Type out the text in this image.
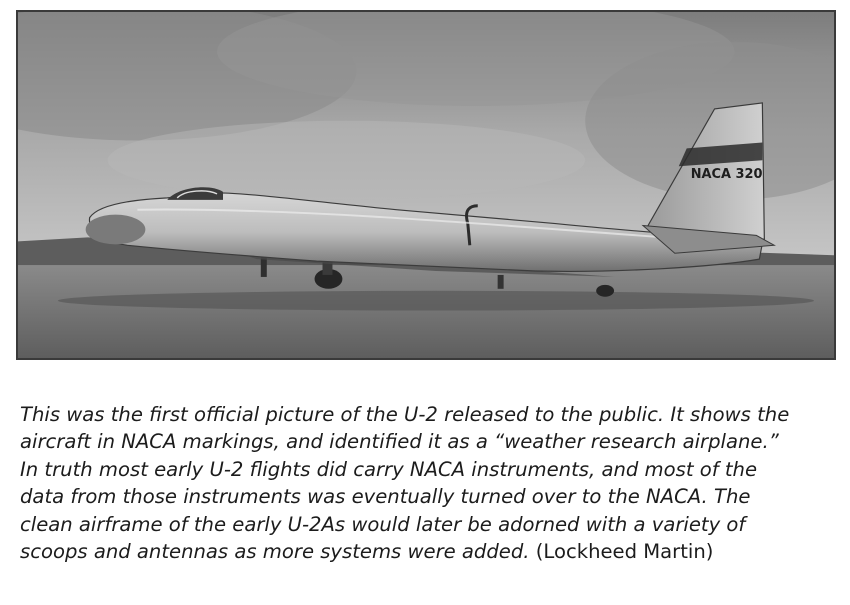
NACA 320

This was the first official picture of the U-2 released to the public. It shows the
aircraft in NACA markings, and identified it as a “weather research airplane.”
In truth most early U-2 flights did carry NACA instruments, and most of the
data from those instruments was eventually turned over to the NACA. The
clean airframe of the early U-2As would later be adorned with a variety of
scoops and antennas as more systems were added. (Lockheed Martin)
